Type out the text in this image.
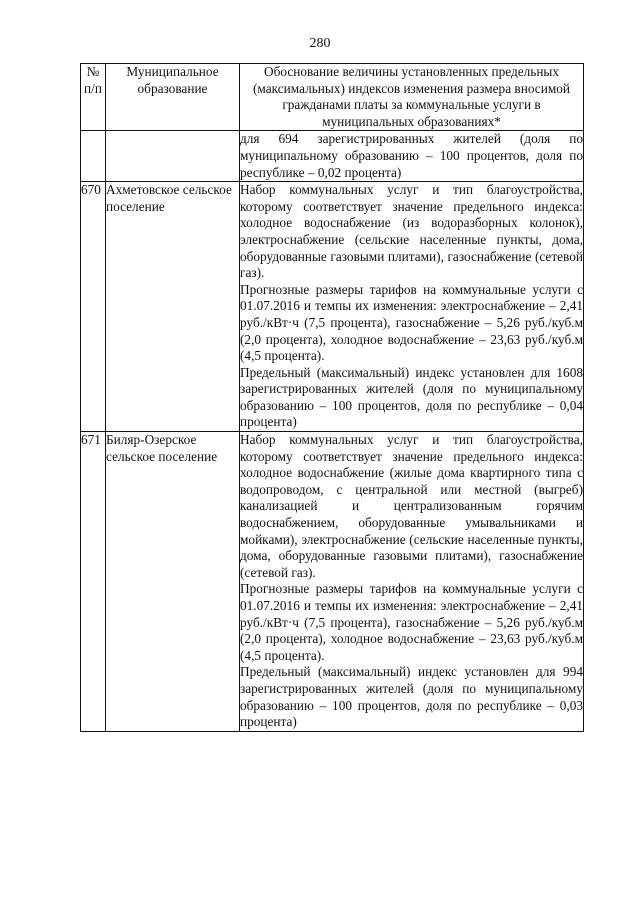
280
№ п/п	Муниципальное образование	Обоснование величины установленных предельных (максимальных) индексов изменения размера вносимой гражданами платы за коммунальные услуги в муниципальных образованиях*

		для 694 зарегистрированных жителей (доля по муниципальному образованию – 100 процентов, доля по республике – 0,02 процента)

670	Ахметовское сельское поселение	Набор коммунальных услуг и тип благоустройства, которому соответствует значение предельного индекса: холодное водоснабжение (из водоразборных колонок), электроснабжение (сельские населенные пункты, дома, оборудованные газовыми плитами), газоснабжение (сетевой газ).

Прогнозные размеры тарифов на коммунальные услуги с 01.07.2016 и темпы их изменения: электроснабжение – 2,41 руб./кВт·ч (7,5 процента), газоснабжение – 5,26 руб./куб.м (2,0 процента), холодное водоснабжение – 23,63 руб./куб.м (4,5 процента).

Предельный (максимальный) индекс установлен для 1608 зарегистрированных жителей (доля по муниципальному образованию – 100 процентов, доля по республике – 0,04 процента)

671	Биляр-Озерское сельское поселение	Набор коммунальных услуг и тип благоустройства, которому соответствует значение предельного индекса: холодное водоснабжение (жилые дома квартирного типа с водопроводом, с центральной или местной (выгреб) канализацией и централизованным горячим водоснабжением, оборудованные умывальниками и мойками), электроснабжение (сельские населенные пункты, дома, оборудованные газовыми плитами), газоснабжение (сетевой газ).

Прогнозные размеры тарифов на коммунальные услуги с 01.07.2016 и темпы их изменения: электроснабжение – 2,41 руб./кВт·ч (7,5 процента), газоснабжение – 5,26 руб./куб.м (2,0 процента), холодное водоснабжение – 23,63 руб./куб.м (4,5 процента).

Предельный (максимальный) индекс установлен для 994 зарегистрированных жителей (доля по муниципальному образованию – 100 процентов, доля по республике – 0,03 процента)
